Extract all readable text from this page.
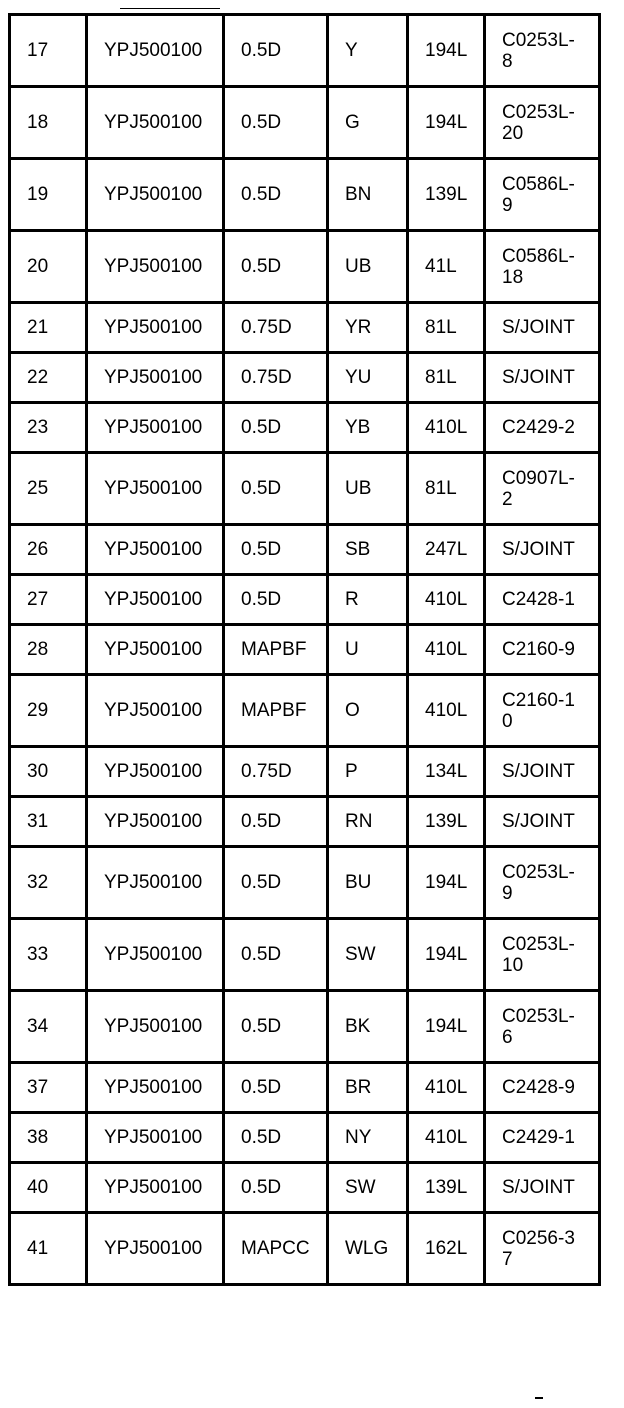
17	YPJ500100	0.5D	Y	194L	C0253L-8
18	YPJ500100	0.5D	G	194L	C0253L-20
19	YPJ500100	0.5D	BN	139L	C0586L-9
20	YPJ500100	0.5D	UB	41L	C0586L-18
21	YPJ500100	0.75D	YR	81L	S/JOINT
22	YPJ500100	0.75D	YU	81L	S/JOINT
23	YPJ500100	0.5D	YB	410L	C2429-2
25	YPJ500100	0.5D	UB	81L	C0907L-2
26	YPJ500100	0.5D	SB	247L	S/JOINT
27	YPJ500100	0.5D	R	410L	C2428-1
28	YPJ500100	MAPBF	U	410L	C2160-9
29	YPJ500100	MAPBF	O	410L	C2160-10
30	YPJ500100	0.75D	P	134L	S/JOINT
31	YPJ500100	0.5D	RN	139L	S/JOINT
32	YPJ500100	0.5D	BU	194L	C0253L-9
33	YPJ500100	0.5D	SW	194L	C0253L-10
34	YPJ500100	0.5D	BK	194L	C0253L-6
37	YPJ500100	0.5D	BR	410L	C2428-9
38	YPJ500100	0.5D	NY	410L	C2429-1
40	YPJ500100	0.5D	SW	139L	S/JOINT
41	YPJ500100	MAPCC	WLG	162L	C0256-37
